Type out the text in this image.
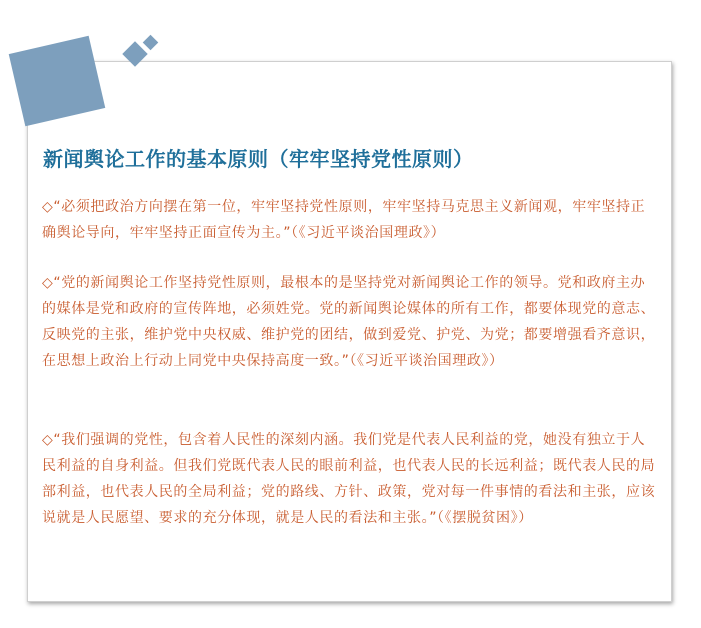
新闻舆论工作的基本原则（牢牢坚持党性原则）

◇“必须把政治方向摆在第一位，牢牢坚持党性原则，牢牢坚持马克思主义新闻观，牢牢坚持正确舆论导向，牢牢坚持正面宣传为主。”（《习近平谈治国理政》）

◇“党的新闻舆论工作坚持党性原则，最根本的是坚持党对新闻舆论工作的领导。党和政府主办的媒体是党和政府的宣传阵地，必须姓党。党的新闻舆论媒体的所有工作，都要体现党的意志、反映党的主张，维护党中央权威、维护党的团结，做到爱党、护党、为党；都要增强看齐意识，在思想上政治上行动上同党中央保持高度一致。”（《习近平谈治国理政》）

◇“我们强调的党性，包含着人民性的深刻内涵。我们党是代表人民利益的党，她没有独立于人民利益的自身利益。但我们党既代表人民的眼前利益，也代表人民的长远利益；既代表人民的局部利益，也代表人民的全局利益；党的路线、方针、政策，党对每一件事情的看法和主张，应该说就是人民愿望、要求的充分体现，就是人民的看法和主张。”（《摆脱贫困》）
